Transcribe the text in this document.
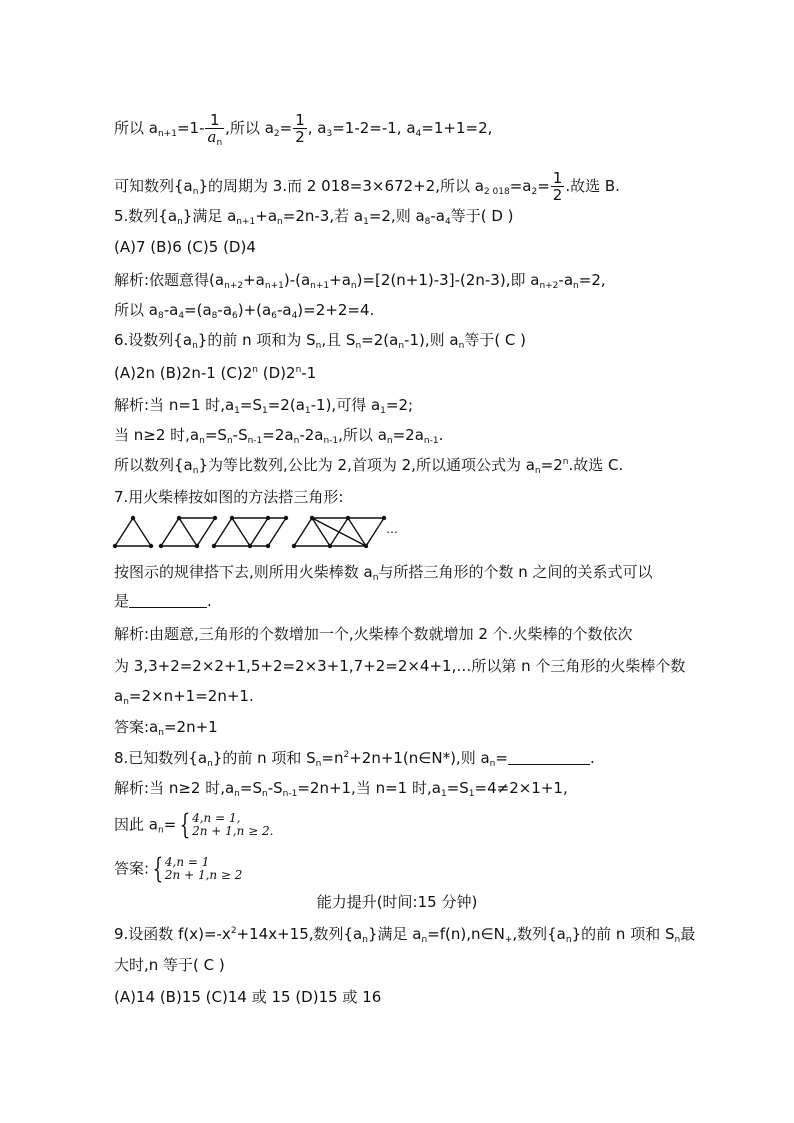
所以 $a_{n+1}=1- \frac{1}{a_n}$ ,所以 $a_2= \frac{1}{2}$ , $a_3=1-2=-1$, $a_4=1+1=2$,
可知数列$\{a_n\}$的周期为 3.而 2 018=3×672+2,所以 $a_{2 018}=a_2= \frac{1}{2}$ .故选 B.
5.数列$\{a_n\}$满足 $a_{n+1}+a_n=2n-3$,若 $a_1=2$,则 $a_8-a_4$等于( D )
(A)7 (B)6 (C)5 (D)4
解析:依题意得$(a_{n+2}+a_{n+1})-(a_{n+1}+a_n)=[2(n+1)-3]-(2n-3)$,即 $a_{n+2}-a_n=2$,
所以 $a_8-a_4=(a_8-a_6)+(a_6-a_4)=2+2=4$.
6.设数列$\{a_n\}$的前 n 项和为 $S_n$,且 $S_n=2(a_n-1)$,则 $a_n$等于( C )
(A)2n (B)2n-1 (C)2$^n$ (D)2$^n$-1
解析:当 n=1 时$,a_1=S_1=2(a_1-1)$,可得 $a_1=2$;
当 n≥2 时$,a_n=S_n-S_{n-1}=2a_n-2a_{n-1}$,所以 $a_n=2a_{n-1}$.
所以数列$\{a_n\}$为等比数列,公比为 2,首项为 2,所以通项公式为 $a_n=2^n$.故选 C.
7.用火柴棒按如图的方法搭三角形:
…
按图示的规律搭下去,则所用火柴棒数 $a_n$与所搭三角形的个数 n 之间的关系式可以
是	.
解析:由题意,三角形的个数增加一个,火柴棒个数就增加 2 个.火柴棒的个数依次
为 3,3+2=2×2+1,5+2=2×3+1,7+2=2×4+1,…所以第 n 个三角形的火柴棒个数
$a_n=2\times n+1=2n+1$.
答案$:a_n=2n+1$
8.已知数列$\{a_n\}$的前 n 项和 $S_n=n^2+2n+1(n\in N*)$,则 $a_n=$	.
解析:当 n≥2 时$,a_n=S_n-S_{n-1}=2n+1$,当 n=1 时$,a_1=S_1=4\ne 2\times 1+1$,
因此 $a_n=$ { 4,n = 1,
2n + 1,n ≥ 2.
答案: { 4,n = 1
2n + 1,n ≥ 2
能力提升(时间:15 分钟)
9.设函数 $f(x)=-x^2+14x+15$,数列$\{a_n\}$满足 $a_n=f(n),n\in N_+$,数列$\{a_n\}$的前 n 项和 $S_n$最
大时,n 等于( C )
(A)14 (B)15 (C)14 或 15 (D)15 或 16
